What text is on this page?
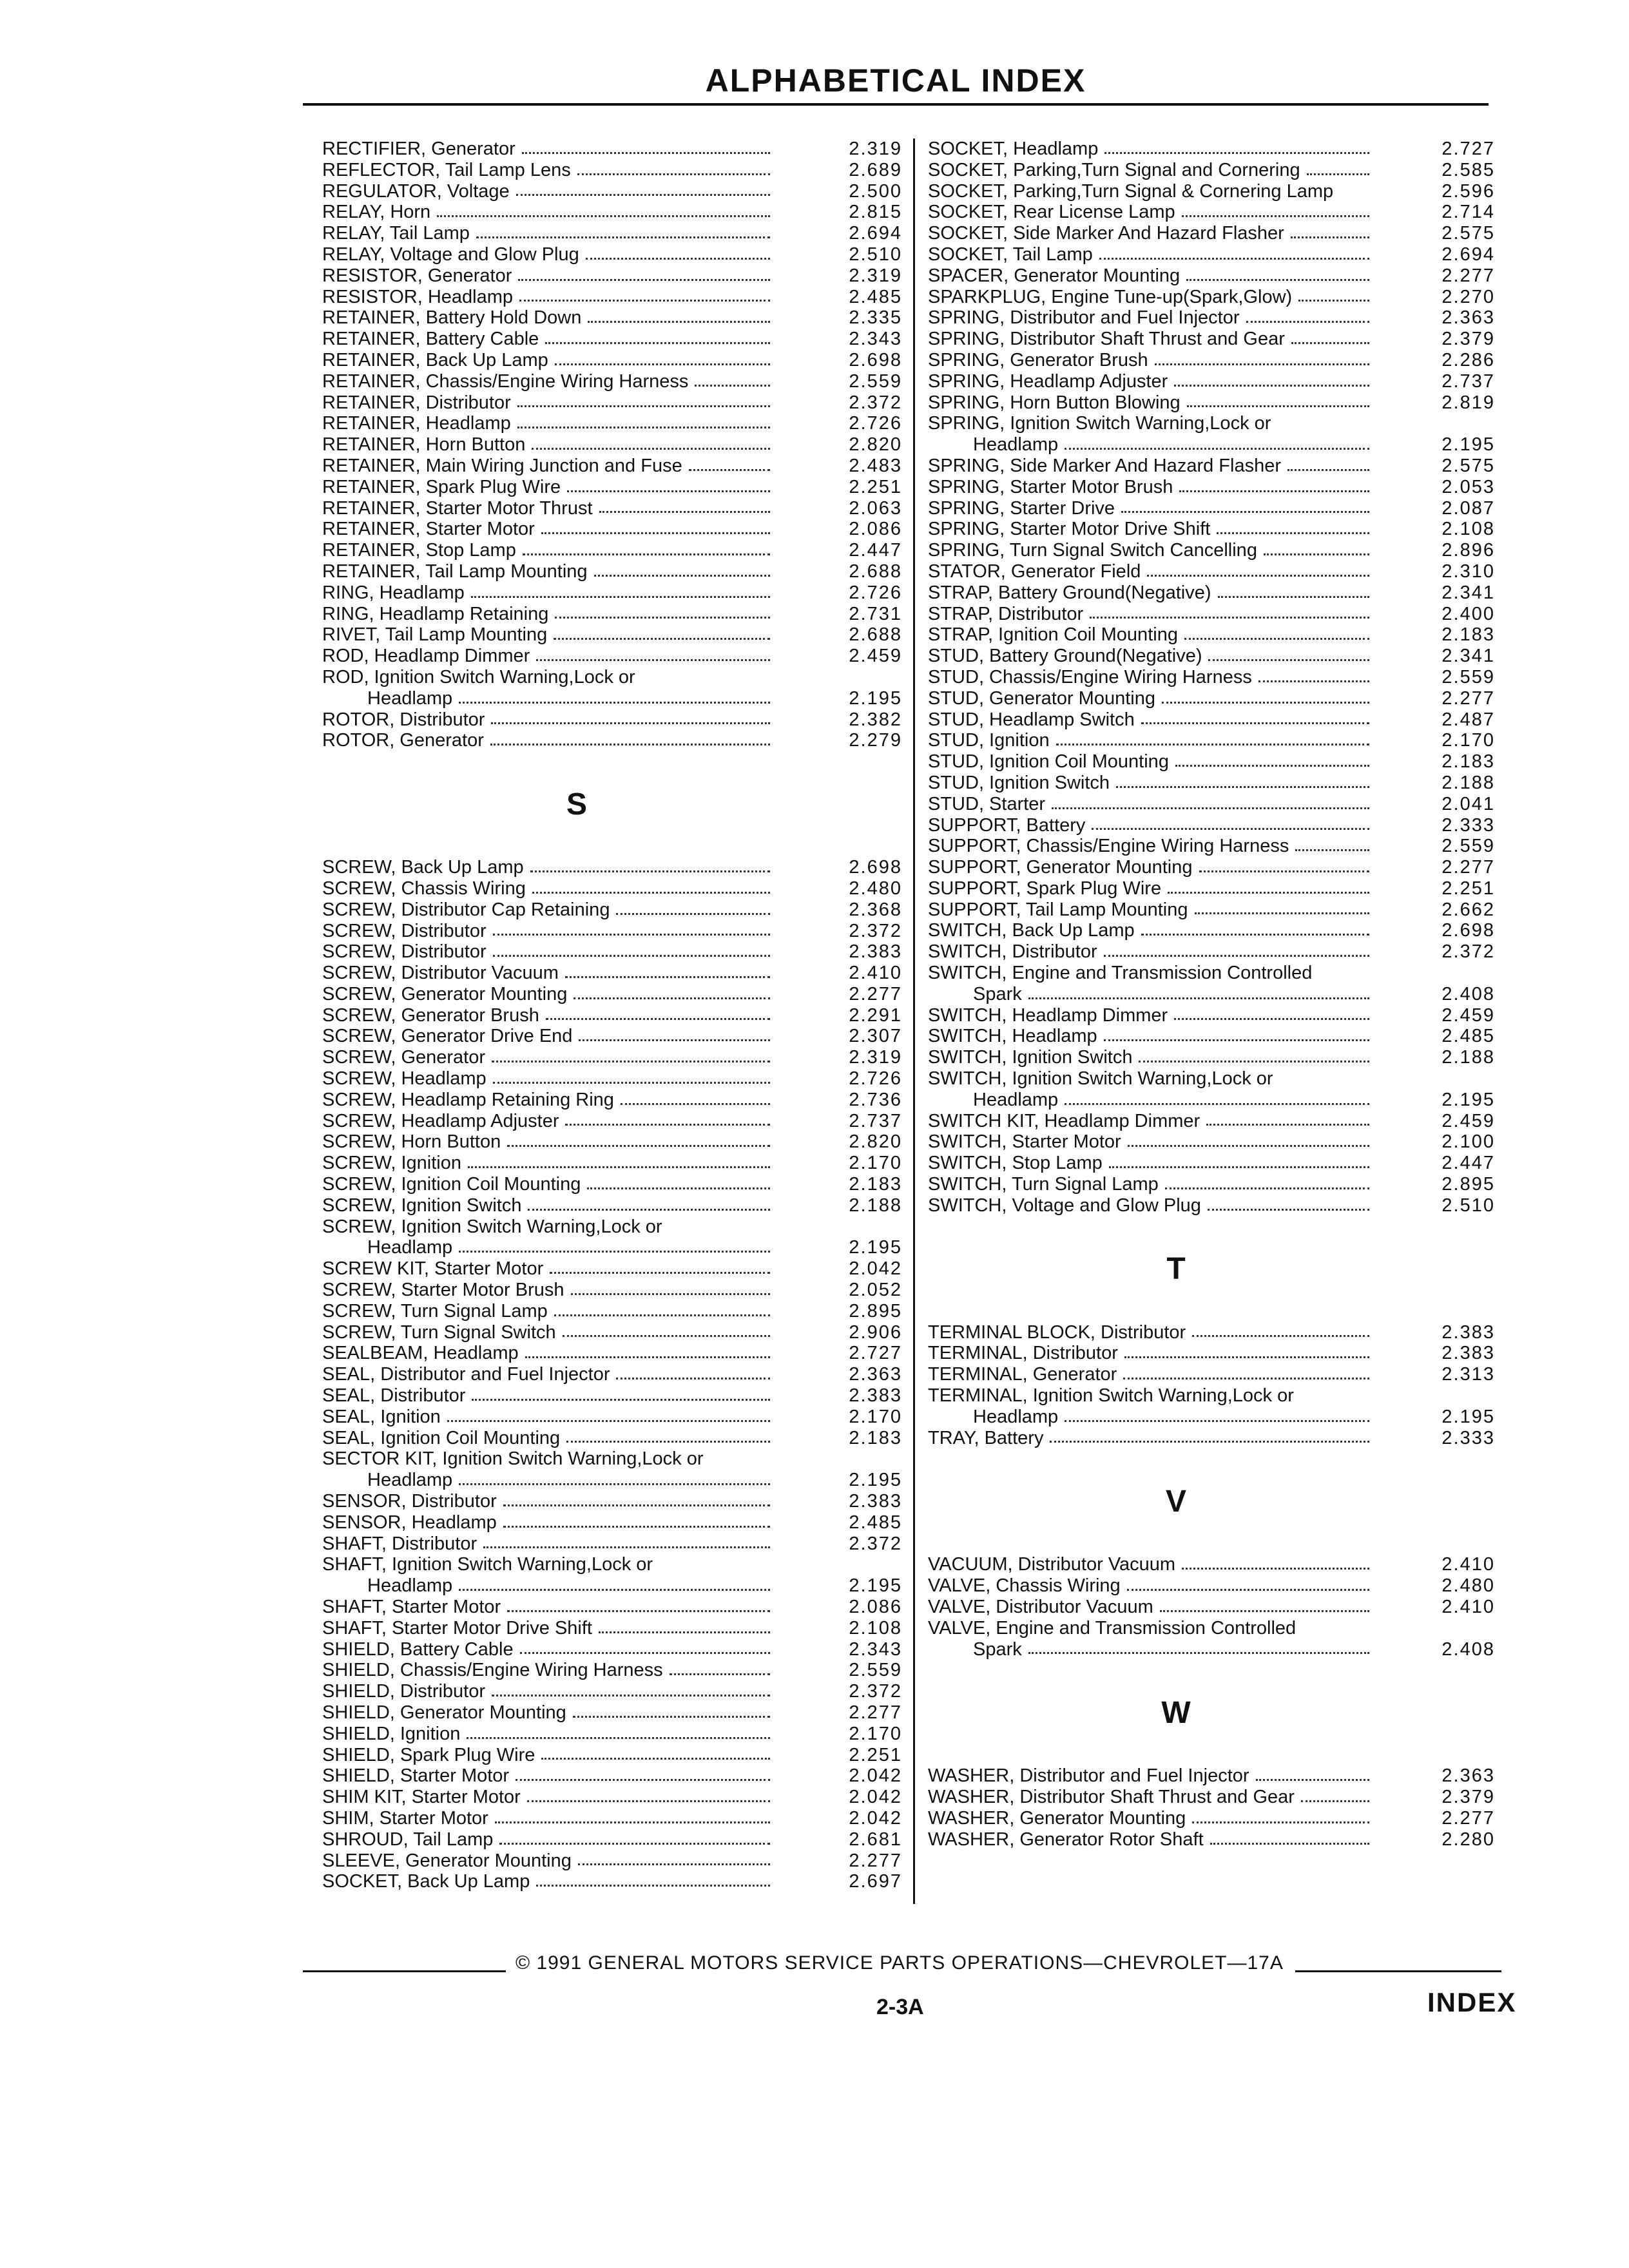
ALPHABETICAL INDEX
RECTIFIER, Generator	2.319
REFLECTOR, Tail Lamp Lens	2.689
REGULATOR, Voltage	2.500
RELAY, Horn	2.815
RELAY, Tail Lamp	2.694
RELAY, Voltage and Glow Plug	2.510
RESISTOR, Generator	2.319
RESISTOR, Headlamp	2.485
RETAINER, Battery Hold Down	2.335
RETAINER, Battery Cable	2.343
RETAINER, Back Up Lamp	2.698
RETAINER, Chassis/Engine Wiring Harness	2.559
RETAINER, Distributor	2.372
RETAINER, Headlamp	2.726
RETAINER, Horn Button	2.820
RETAINER, Main Wiring Junction and Fuse	2.483
RETAINER, Spark Plug Wire	2.251
RETAINER, Starter Motor Thrust	2.063
RETAINER, Starter Motor	2.086
RETAINER, Stop Lamp	2.447
RETAINER, Tail Lamp Mounting	2.688
RING, Headlamp	2.726
RING, Headlamp Retaining	2.731
RIVET, Tail Lamp Mounting	2.688
ROD, Headlamp Dimmer	2.459
ROD, Ignition Switch Warning,Lock or
Headlamp	2.195
ROTOR, Distributor	2.382
ROTOR, Generator	2.279
S
SCREW, Back Up Lamp	2.698
SCREW, Chassis Wiring	2.480
SCREW, Distributor Cap Retaining	2.368
SCREW, Distributor	2.372
SCREW, Distributor	2.383
SCREW, Distributor Vacuum	2.410
SCREW, Generator Mounting	2.277
SCREW, Generator Brush	2.291
SCREW, Generator Drive End	2.307
SCREW, Generator	2.319
SCREW, Headlamp	2.726
SCREW, Headlamp Retaining Ring	2.736
SCREW, Headlamp Adjuster	2.737
SCREW, Horn Button	2.820
SCREW, Ignition	2.170
SCREW, Ignition Coil Mounting	2.183
SCREW, Ignition Switch	2.188
SCREW, Ignition Switch Warning,Lock or
Headlamp	2.195
SCREW KIT, Starter Motor	2.042
SCREW, Starter Motor Brush	2.052
SCREW, Turn Signal Lamp	2.895
SCREW, Turn Signal Switch	2.906
SEALBEAM, Headlamp	2.727
SEAL, Distributor and Fuel Injector	2.363
SEAL, Distributor	2.383
SEAL, Ignition	2.170
SEAL, Ignition Coil Mounting	2.183
SECTOR KIT, Ignition Switch Warning,Lock or
Headlamp	2.195
SENSOR, Distributor	2.383
SENSOR, Headlamp	2.485
SHAFT, Distributor	2.372
SHAFT, Ignition Switch Warning,Lock or
Headlamp	2.195
SHAFT, Starter Motor	2.086
SHAFT, Starter Motor Drive Shift	2.108
SHIELD, Battery Cable	2.343
SHIELD, Chassis/Engine Wiring Harness	2.559
SHIELD, Distributor	2.372
SHIELD, Generator Mounting	2.277
SHIELD, Ignition	2.170
SHIELD, Spark Plug Wire	2.251
SHIELD, Starter Motor	2.042
SHIM KIT, Starter Motor	2.042
SHIM, Starter Motor	2.042
SHROUD, Tail Lamp	2.681
SLEEVE, Generator Mounting	2.277
SOCKET, Back Up Lamp	2.697
SOCKET, Headlamp	2.727
SOCKET, Parking,Turn Signal and Cornering	2.585
SOCKET, Parking,Turn Signal & Cornering Lamp	2.596
SOCKET, Rear License Lamp	2.714
SOCKET, Side Marker And Hazard Flasher	2.575
SOCKET, Tail Lamp	2.694
SPACER, Generator Mounting	2.277
SPARKPLUG, Engine Tune-up(Spark,Glow)	2.270
SPRING, Distributor and Fuel Injector	2.363
SPRING, Distributor Shaft Thrust and Gear	2.379
SPRING, Generator Brush	2.286
SPRING, Headlamp Adjuster	2.737
SPRING, Horn Button Blowing	2.819
SPRING, Ignition Switch Warning,Lock or
Headlamp	2.195
SPRING, Side Marker And Hazard Flasher	2.575
SPRING, Starter Motor Brush	2.053
SPRING, Starter Drive	2.087
SPRING, Starter Motor Drive Shift	2.108
SPRING, Turn Signal Switch Cancelling	2.896
STATOR, Generator Field	2.310
STRAP, Battery Ground(Negative)	2.341
STRAP, Distributor	2.400
STRAP, Ignition Coil Mounting	2.183
STUD, Battery Ground(Negative)	2.341
STUD, Chassis/Engine Wiring Harness	2.559
STUD, Generator Mounting	2.277
STUD, Headlamp Switch	2.487
STUD, Ignition	2.170
STUD, Ignition Coil Mounting	2.183
STUD, Ignition Switch	2.188
STUD, Starter	2.041
SUPPORT, Battery	2.333
SUPPORT, Chassis/Engine Wiring Harness	2.559
SUPPORT, Generator Mounting	2.277
SUPPORT, Spark Plug Wire	2.251
SUPPORT, Tail Lamp Mounting	2.662
SWITCH, Back Up Lamp	2.698
SWITCH, Distributor	2.372
SWITCH, Engine and Transmission Controlled
Spark	2.408
SWITCH, Headlamp Dimmer	2.459
SWITCH, Headlamp	2.485
SWITCH, Ignition Switch	2.188
SWITCH, Ignition Switch Warning,Lock or
Headlamp	2.195
SWITCH KIT, Headlamp Dimmer	2.459
SWITCH, Starter Motor	2.100
SWITCH, Stop Lamp	2.447
SWITCH, Turn Signal Lamp	2.895
SWITCH, Voltage and Glow Plug	2.510
T
TERMINAL BLOCK, Distributor	2.383
TERMINAL, Distributor	2.383
TERMINAL, Generator	2.313
TERMINAL, Ignition Switch Warning,Lock or
Headlamp	2.195
TRAY, Battery	2.333
V
VACUUM, Distributor Vacuum	2.410
VALVE, Chassis Wiring	2.480
VALVE, Distributor Vacuum	2.410
VALVE, Engine and Transmission Controlled
Spark	2.408
W
WASHER, Distributor and Fuel Injector	2.363
WASHER, Distributor Shaft Thrust and Gear	2.379
WASHER, Generator Mounting	2.277
WASHER, Generator Rotor Shaft	2.280
© 1991 GENERAL MOTORS SERVICE PARTS OPERATIONS—CHEVROLET—17A
2-3A	INDEX
